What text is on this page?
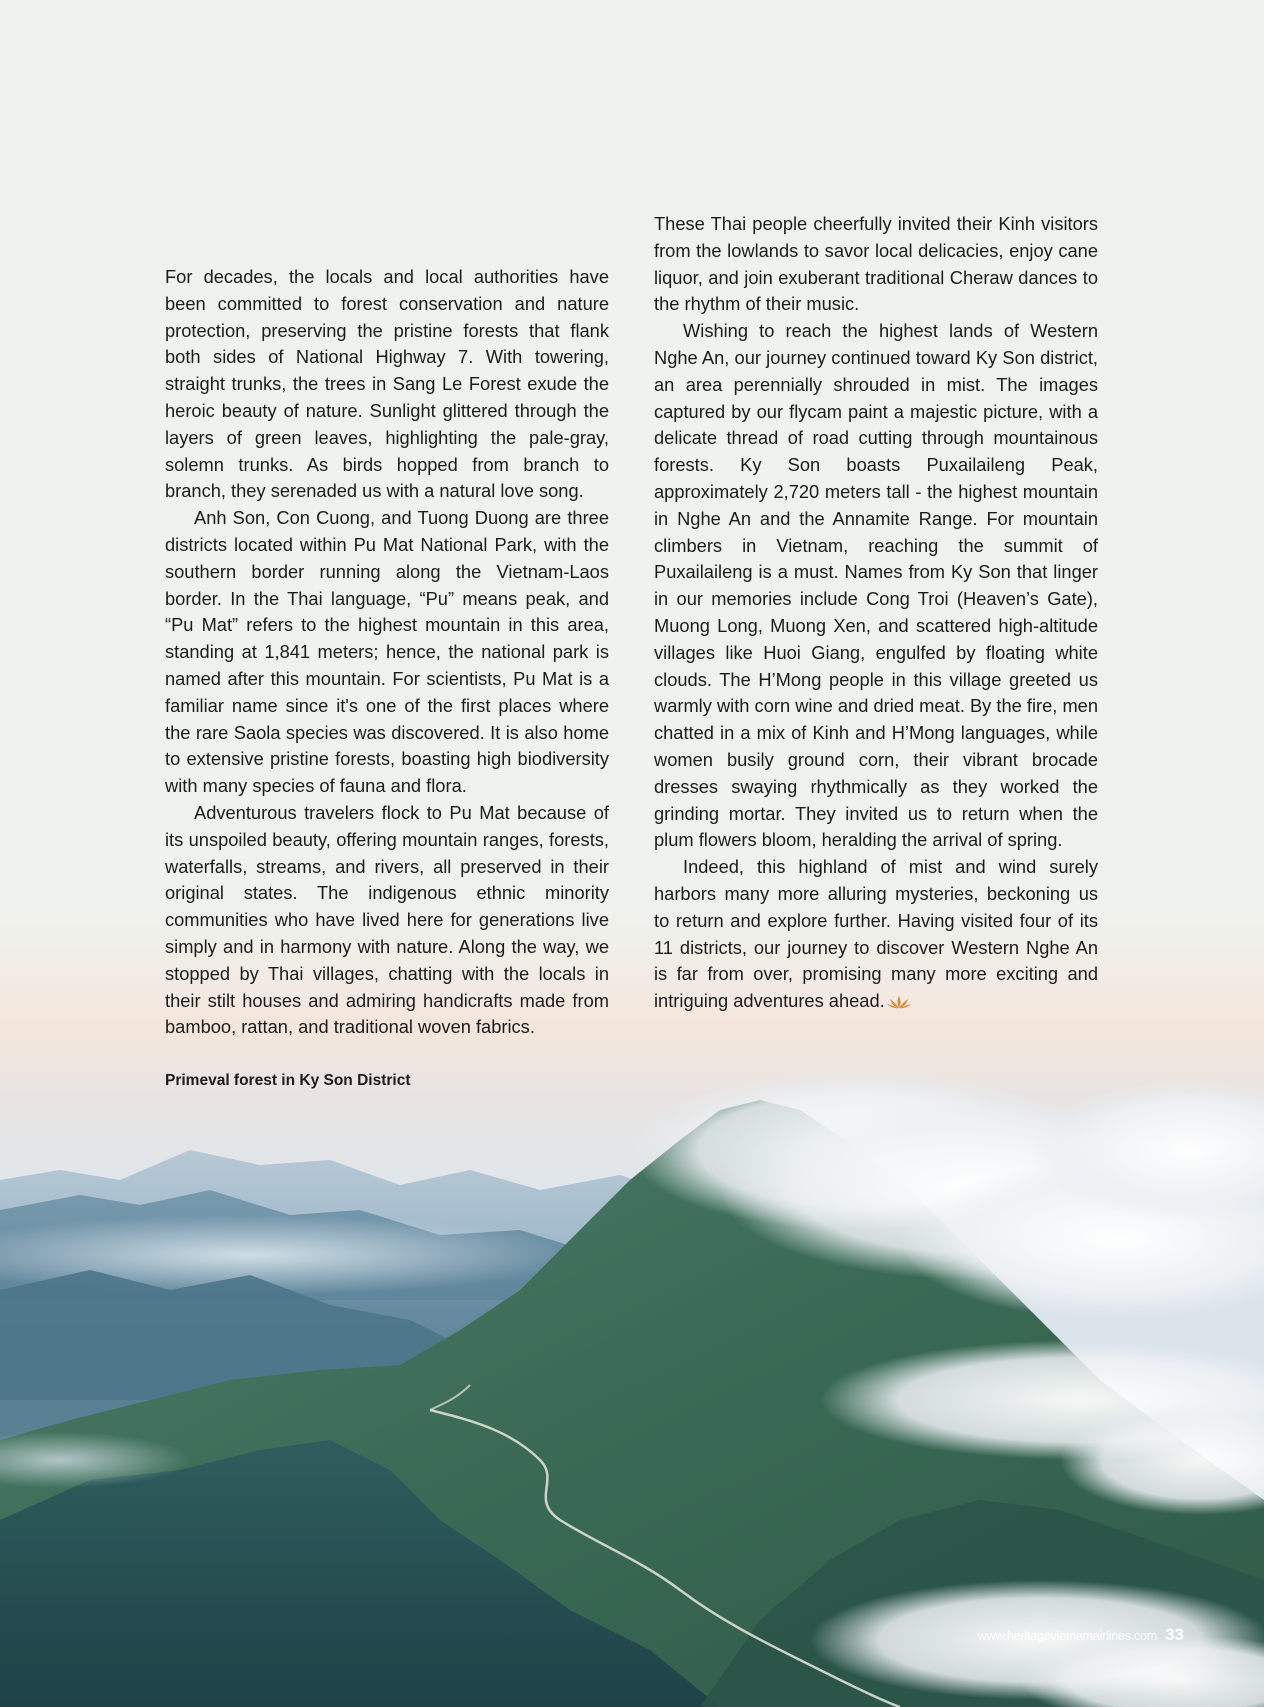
For decades, the locals and local authorities have been committed to forest conservation and nature protection, preserving the pristine forests that flank both sides of National Highway 7. With towering, straight trunks, the trees in Sang Le Forest exude the heroic beauty of nature. Sunlight glittered through the layers of green leaves, highlighting the pale-gray, solemn trunks. As birds hopped from branch to branch, they serenaded us with a natural love song.

Anh Son, Con Cuong, and Tuong Duong are three districts located within Pu Mat National Park, with the southern border running along the Vietnam-Laos border. In the Thai language, “Pu” means peak, and “Pu Mat” refers to the highest mountain in this area, standing at 1,841 meters; hence, the national park is named after this mountain. For scientists, Pu Mat is a familiar name since it's one of the first places where the rare Saola species was discovered. It is also home to extensive pristine forests, boasting high biodiversity with many species of fauna and flora.

Adventurous travelers flock to Pu Mat because of its unspoiled beauty, offering mountain ranges, forests, waterfalls, streams, and rivers, all preserved in their original states. The indigenous ethnic minority communities who have lived here for generations live simply and in harmony with nature. Along the way, we stopped by Thai villages, chatting with the locals in their stilt houses and admiring handicrafts made from bamboo, rattan, and traditional woven fabrics.

These Thai people cheerfully invited their Kinh visitors from the lowlands to savor local delicacies, enjoy cane liquor, and join exuberant traditional Cheraw dances to the rhythm of their music.

Wishing to reach the highest lands of Western Nghe An, our journey continued toward Ky Son district, an area perennially shrouded in mist. The images captured by our flycam paint a majestic picture, with a delicate thread of road cutting through mountainous forests. Ky Son boasts Puxailaileng Peak, approximately 2,720 meters tall - the highest mountain in Nghe An and the Annamite Range. For mountain climbers in Vietnam, reaching the summit of Puxailaileng is a must. Names from Ky Son that linger in our memories include Cong Troi (Heaven’s Gate), Muong Long, Muong Xen, and scattered high-altitude villages like Huoi Giang, engulfed by floating white clouds. The H’Mong people in this village greeted us warmly with corn wine and dried meat. By the fire, men chatted in a mix of Kinh and H’Mong languages, while women busily ground corn, their vibrant brocade dresses swaying rhythmically as they worked the grinding mortar. They invited us to return when the plum flowers bloom, heralding the arrival of spring.

Indeed, this highland of mist and wind surely harbors many more alluring mysteries, beckoning us to return and explore further. Having visited four of its 11 districts, our journey to discover Western Nghe An is far from over, promising many more exciting and intriguing adventures ahead.

Primeval forest in Ky Son District
www.heritagevietnamairlines.com 33
